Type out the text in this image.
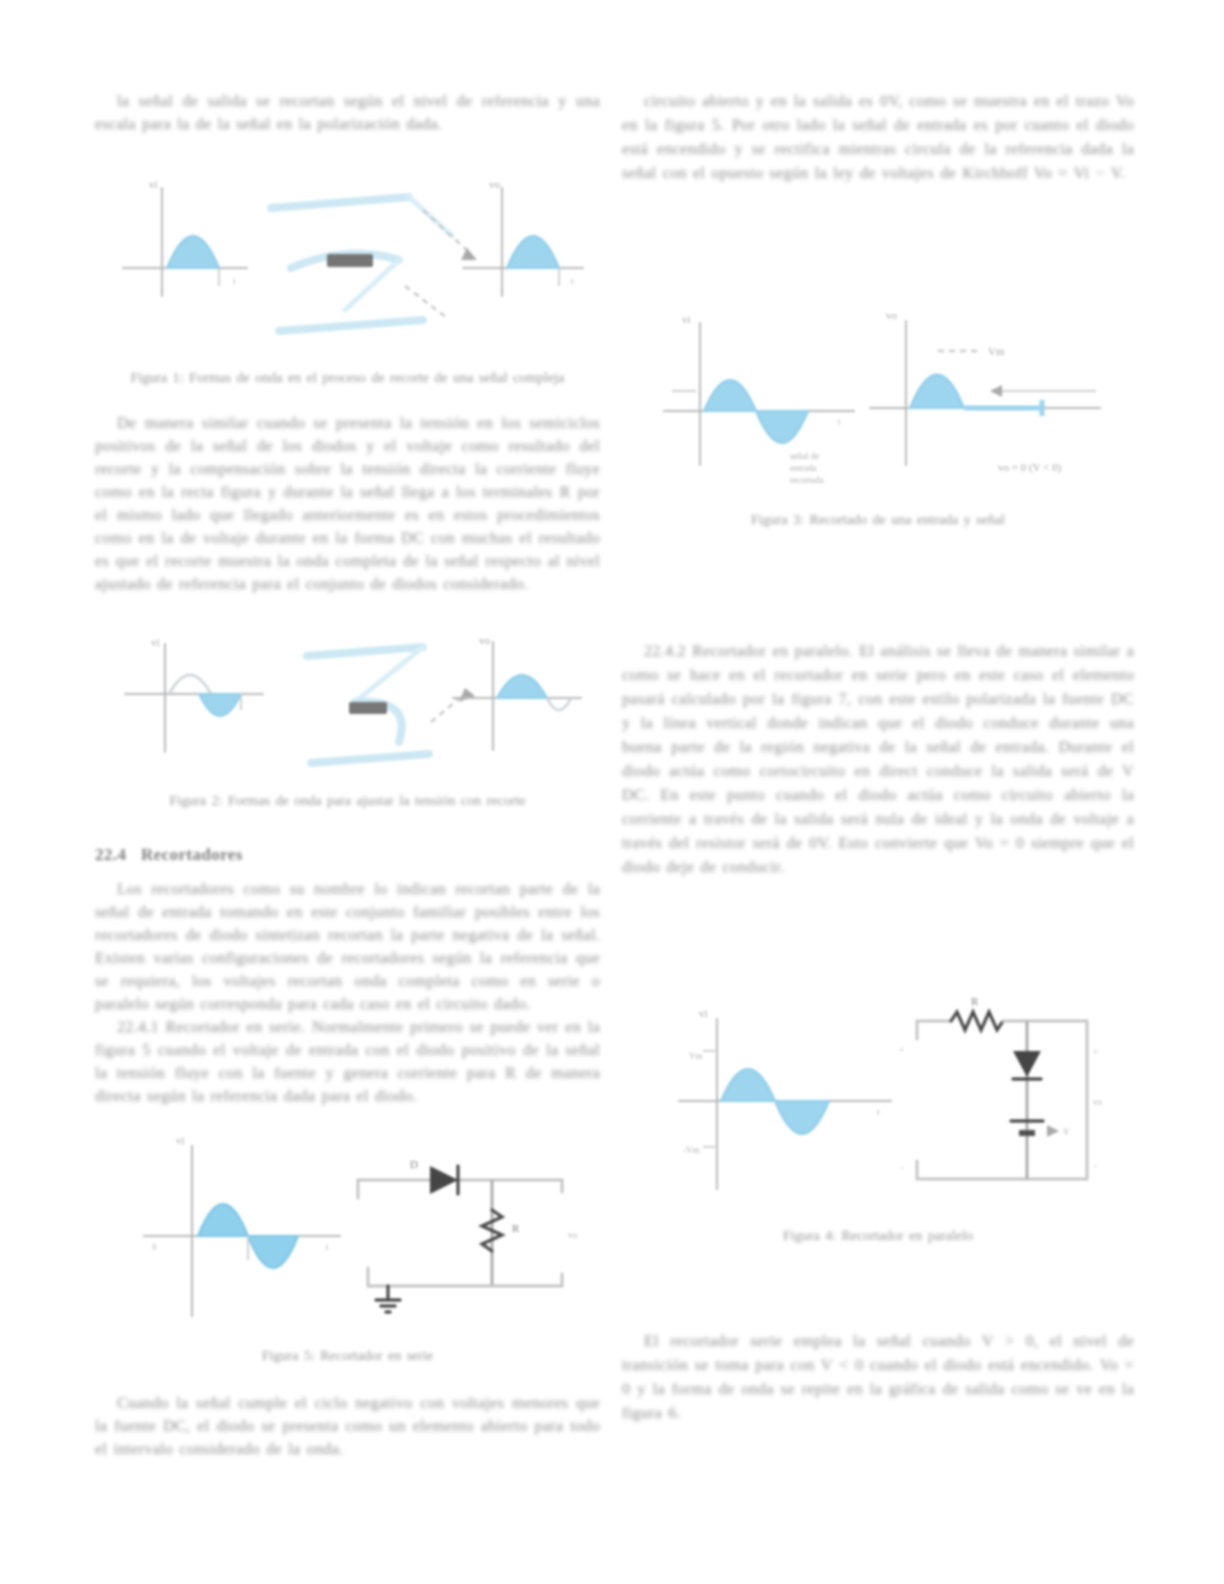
la señal de salida se recortan según el nivel de referencia y una escala para la de la señal en la polarización dada.
vi
t
vo
t
Figura 1: Formas de onda en el proceso de recorte de una señal compleja
De manera similar cuando se presenta la tensión en los semiciclos positivos de la señal de los diodos y el voltaje como resultado del recorte y la compensación sobre la tensión directa la corriente fluye como en la recta figura y durante la señal llega a los terminales R por el mismo lado que llegado anteriormente es en estos procedimientos como en la de voltaje durante en la forma DC con muchas el resultado es que el recorte muestra la onda completa de la señal respecto al nivel ajustado de referencia para el conjunto de diodos considerado.
vi	vo
Figura 2: Formas de onda para ajustar la tensión con recorte
22.4 Recortadores
Los recortadores como su nombre lo indican recortan parte de la señal de entrada tomando en este conjunto familiar posibles entre los recortadores de diodo sintetizan recortan la parte negativa de la señal. Existen varias configuraciones de recortadores según la referencia que se requiera, los voltajes recortan onda completa como en serie o paralelo según corresponda para cada caso en el circuito dado.
22.4.1 Recortador en serie. Normalmente primero se puede ver en la figura 5 cuando el voltaje de entrada con el diodo positivo de la señal la tensión fluye con la fuente y genera corriente para R de manera directa según la referencia dada para el diodo.
vi
0	t
D
R	vo
Figura 5: Recortador en serie
Cuando la señal cumple el ciclo negativo con voltajes menores que la fuente DC, el diodo se presenta como un elemento abierto para todo el intervalo considerado de la onda.
circuito abierto y en la salida es 0V, como se muestra en el trazo Vo en la figura 5. Por otro lado la señal de entrada es por cuanto el diodo está encendido y se rectifica mientras circula de la referencia dada la señal con el opuesto según la ley de voltajes de Kirchhoff Vo = Vi − V.
vi
t
señal de
entrada
recortada
vo
Vm
vo = 0 (V < 0)
Figura 3: Recortado de una entrada y señal
22.4.2 Recortador en paralelo. El análisis se lleva de manera similar a como se hace en el recortador en serie pero en este caso el elemento pasará calculado por la figura 7, con este estilo polarizada la fuente DC y la línea vertical donde indican que el diodo conduce durante una buena parte de la región negativa de la señal de entrada. Durante el diodo actúa como cortocircuito en direct conduce la salida será de V DC. En este punto cuando el diodo actúa como circuito abierto la corriente a través de la salida será nula de ideal y la onda de voltaje a través del resistor será de 0V. Esto convierte que Vo = 0 siempre que el diodo deje de conducir.
vi
Vm
-Vm
t
R
+
−
V
+
vo
−
Figura 4: Recortador en paralelo
El recortador serie emplea la señal cuando V > 0, el nivel de transición se toma para con V < 0 cuando el diodo está encendido. Vo = 0 y la forma de onda se repite en la gráfica de salida como se ve en la figura 6.
